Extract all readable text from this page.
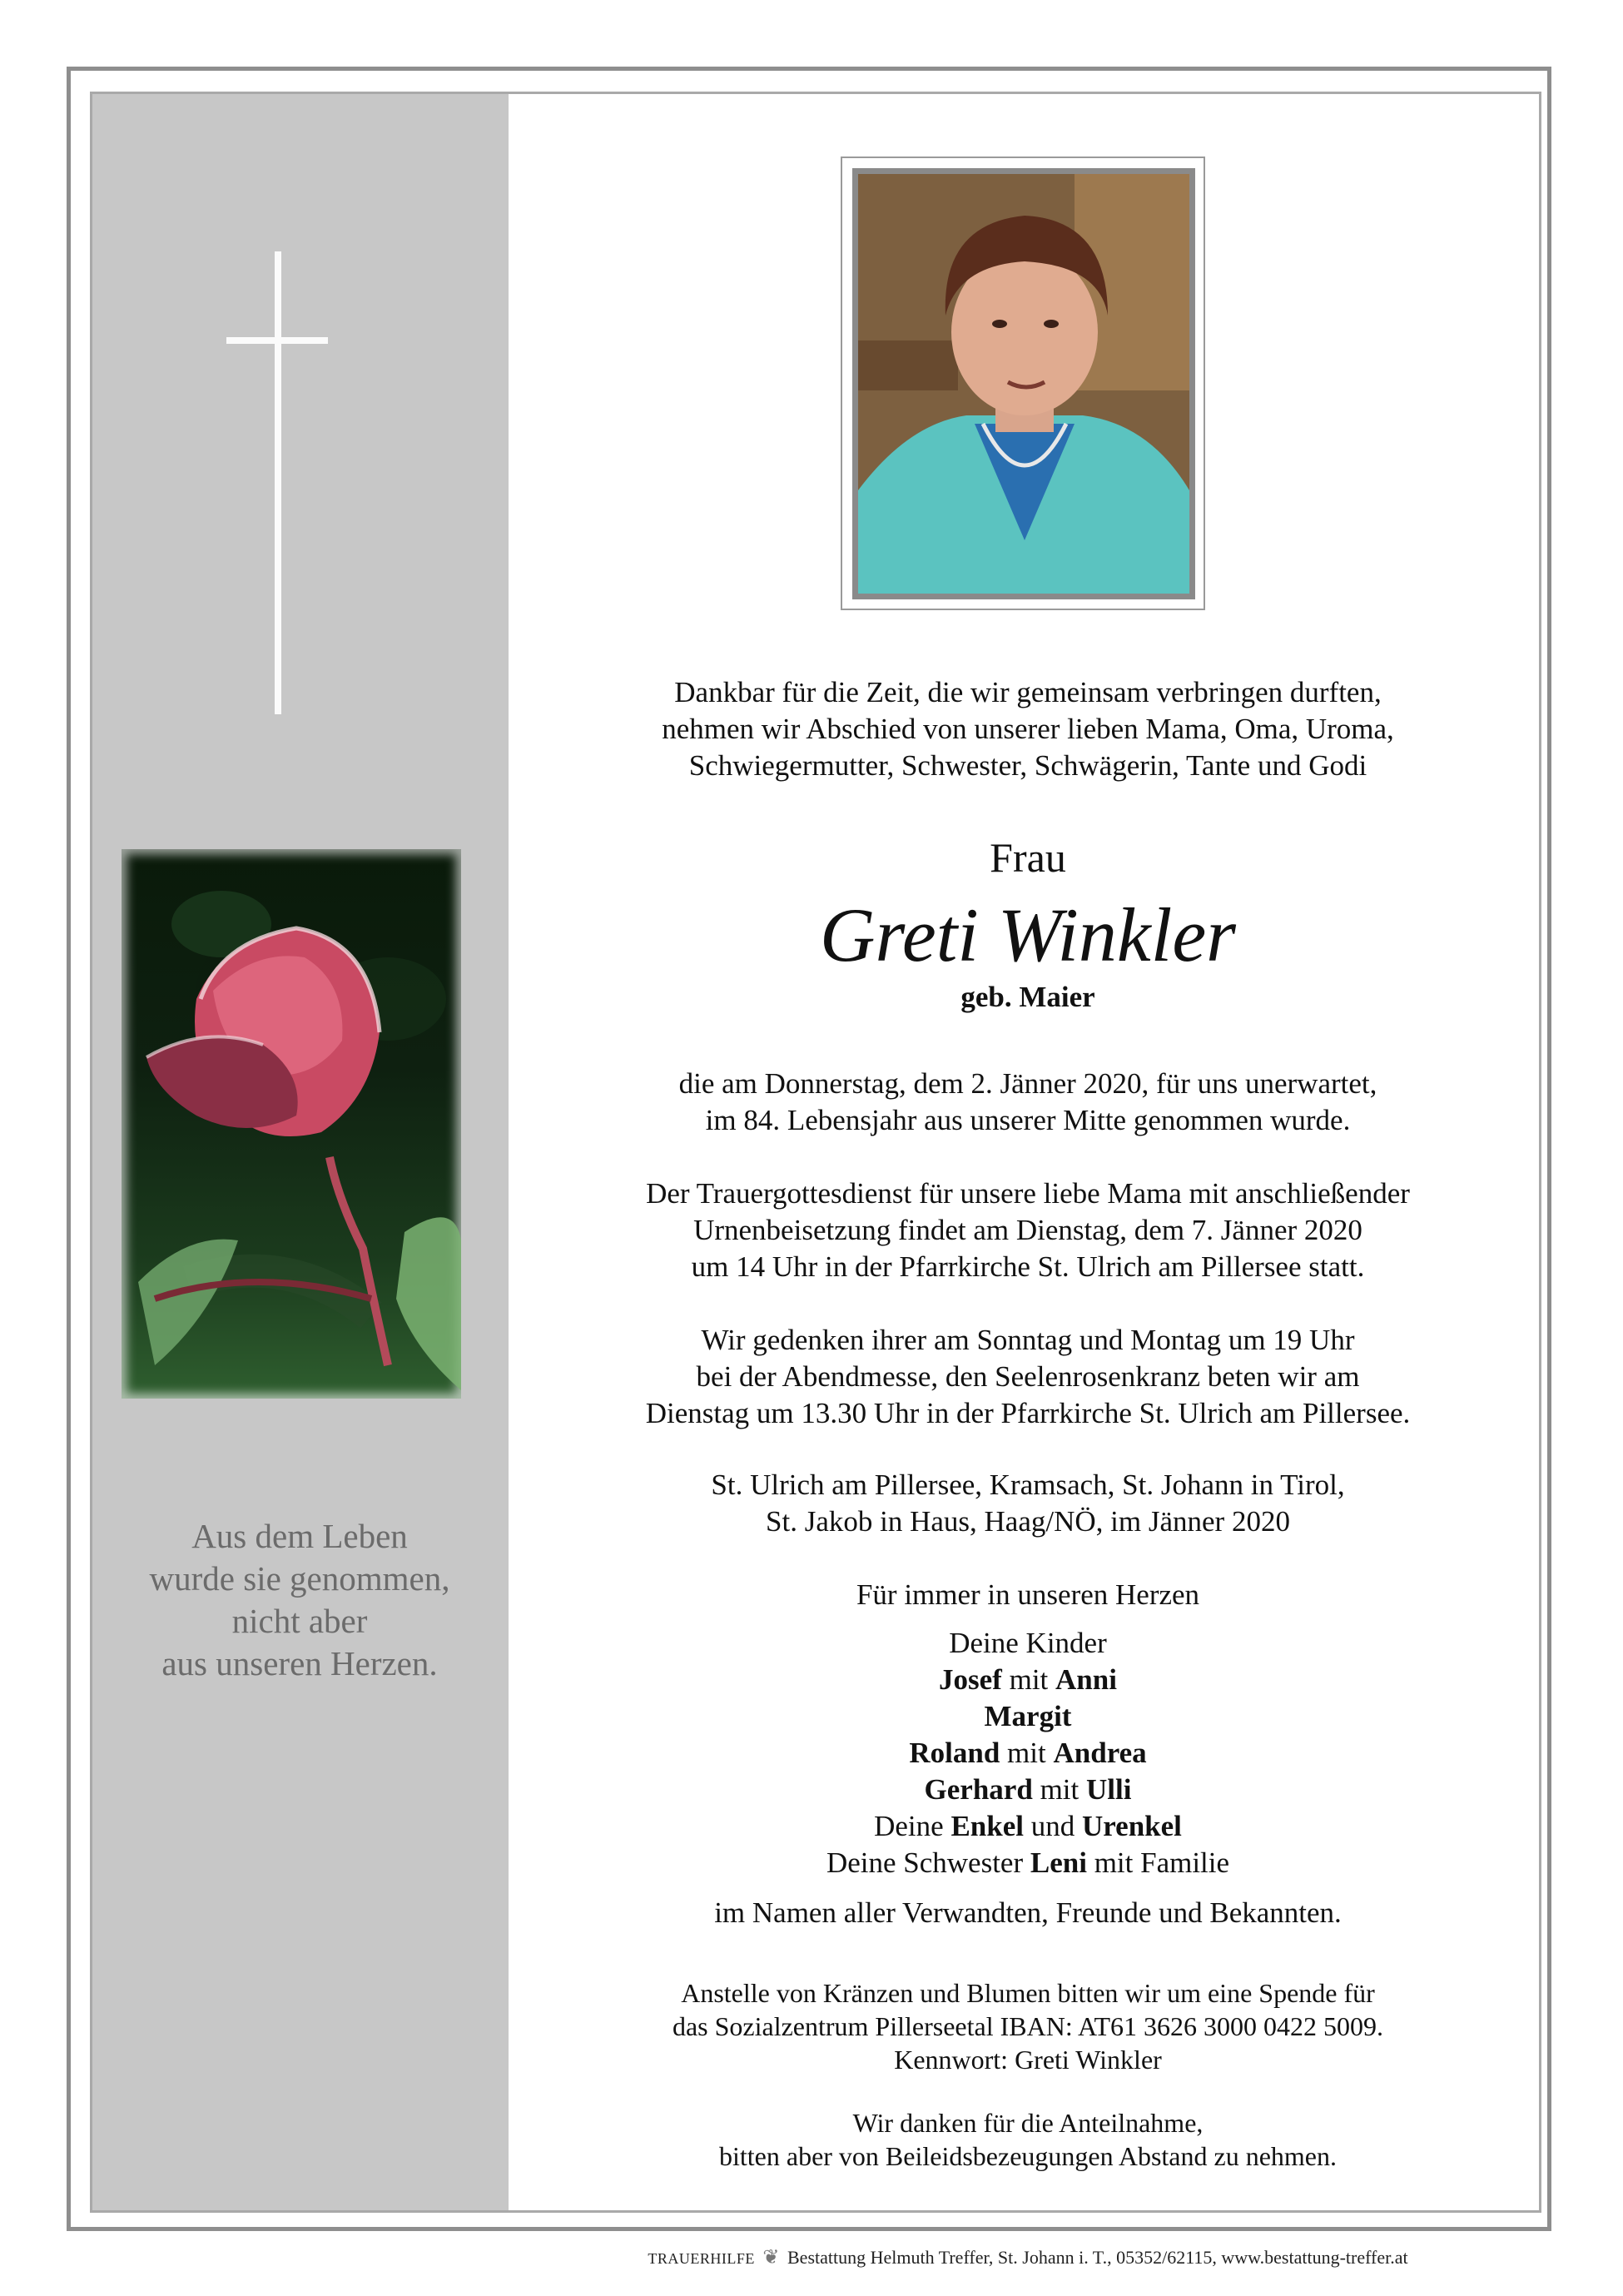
Aus dem Leben
wurde sie genommen,
nicht aber
aus unseren Herzen.

Dankbar für die Zeit, die wir gemeinsam verbringen durften,

nehmen wir Abschied von unserer lieben Mama, Oma, Uroma,

Schwiegermutter, Schwester, Schwägerin, Tante und Godi

Frau
Greti Winkler
geb. Maier

die am Donnerstag, dem 2. Jänner 2020, für uns unerwartet,

im 84. Lebensjahr aus unserer Mitte genommen wurde.

Der Trauergottesdienst für unsere liebe Mama mit anschließender

Urnenbeisetzung findet am Dienstag, dem 7. Jänner 2020

um 14 Uhr in der Pfarrkirche St. Ulrich am Pillersee statt.

Wir gedenken ihrer am Sonntag und Montag um 19 Uhr

bei der Abendmesse, den Seelenrosenkranz beten wir am

Dienstag um 13.30 Uhr in der Pfarrkirche St. Ulrich am Pillersee.

St. Ulrich am Pillersee, Kramsach, St. Johann in Tirol,

St. Jakob in Haus, Haag/NÖ, im Jänner 2020

Für immer in unseren Herzen

Deine Kinder

Josef mit Anni

Margit

Roland mit Andrea

Gerhard mit Ulli

Deine Enkel und Urenkel

Deine Schwester Leni mit Familie

im Namen aller Verwandten, Freunde und Bekannten.

Anstelle von Kränzen und Blumen bitten wir um eine Spende für

das Sozialzentrum Pillerseetal IBAN: AT61 3626 3000 0422 5009.

Kennwort: Greti Winkler

Wir danken für die Anteilnahme,

bitten aber von Beileidsbezeugungen Abstand zu nehmen.

TRAUERHILFE ❦ Bestattung Helmuth Treffer, St. Johann i. T., 05352/62115, www.bestattung-treffer.at
